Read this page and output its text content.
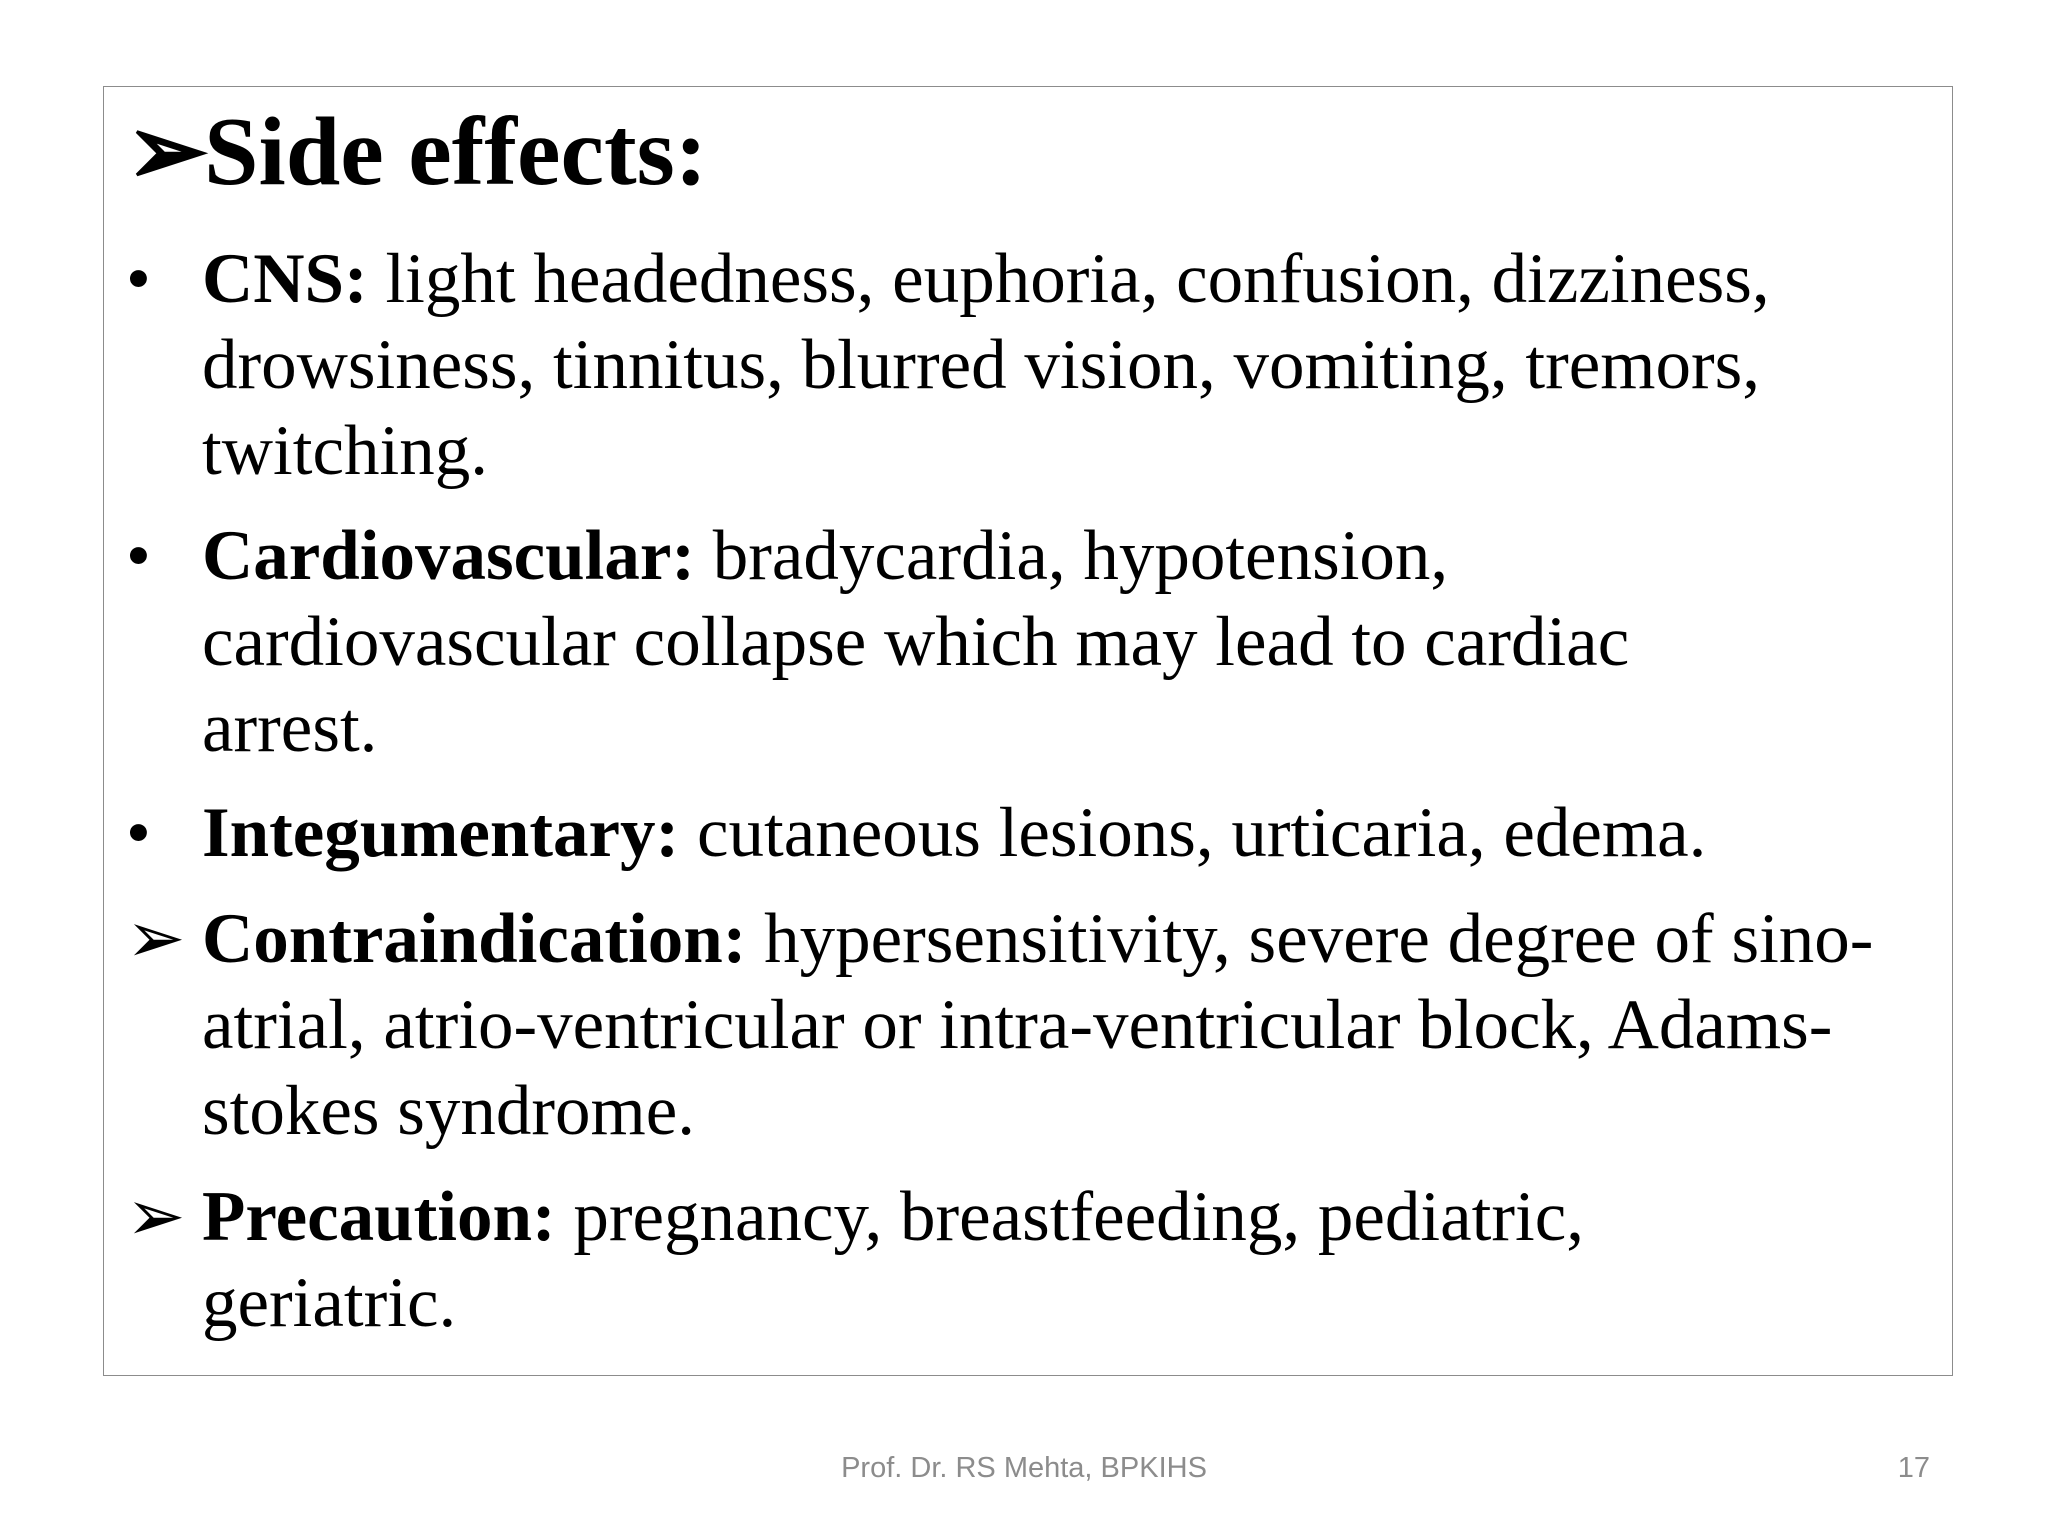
➢Side effects:
• CNS: light headedness, euphoria, confusion, dizziness, drowsiness, tinnitus, blurred vision, vomiting, tremors, twitching.
• Cardiovascular: bradycardia, hypotension, cardiovascular collapse which may lead to cardiac arrest.
• Integumentary: cutaneous lesions, urticaria, edema.
➢ Contraindication: hypersensitivity, severe degree of sino-atrial, atrio-ventricular or intra-ventricular block, Adams-stokes syndrome.
➢ Precaution: pregnancy, breastfeeding, pediatric, geriatric.
Prof. Dr. RS Mehta, BPKIHS	17
